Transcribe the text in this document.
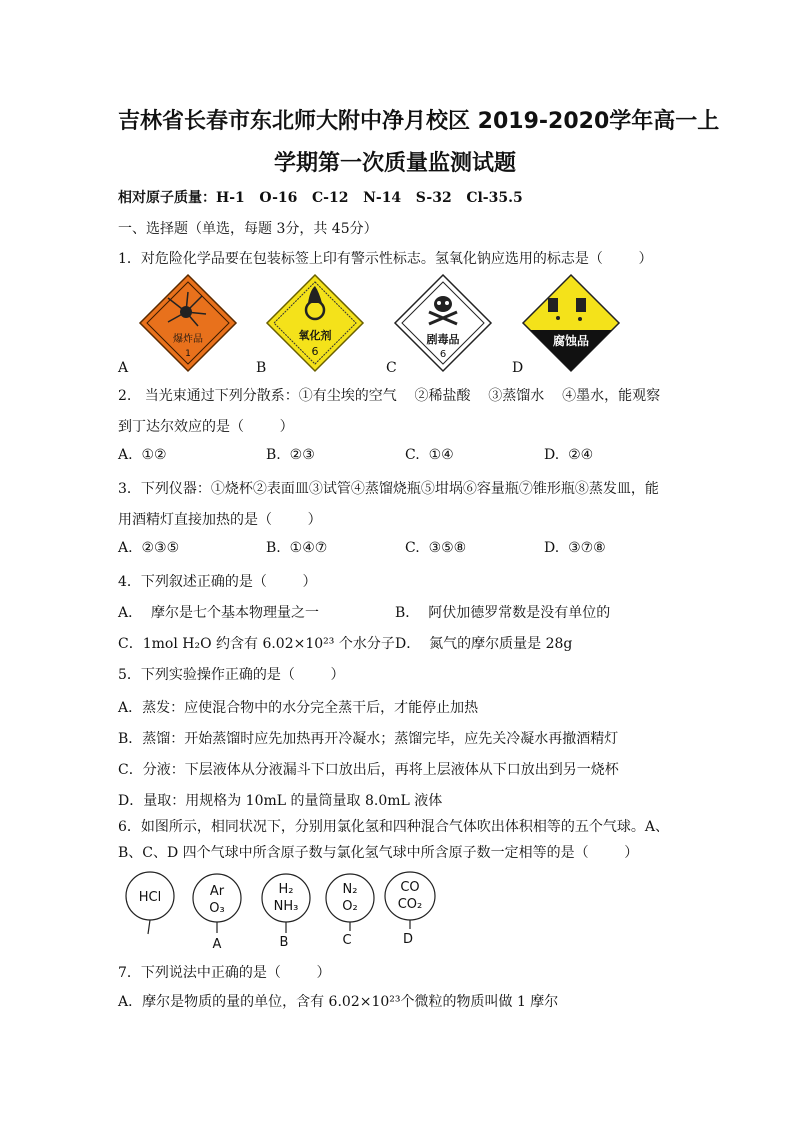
吉林省长春市东北师大附中净月校区 2019-2020学年高一上
学期第一次质量监测试题
相对原子质量：H-1   O-16   C-12   N-14   S-32   Cl-35.5
一、选择题（单选，每题 3分，共 45分）
1．对危险化学品要在包装标签上印有警示性标志。氢氧化钠应选用的标志是（        ）
爆炸品
1
氧化剂
6
剧毒品
6
腐蚀品
A	B	C	D
2.   当光束通过下列分散系：①有尘埃的空气    ②稀盐酸    ③蒸馏水    ④墨水，能观察
到丁达尔效应的是（        ）
A.  ①②	B.  ②③	C.  ①④	D.  ②④
3．下列仪器：①烧杯②表面皿③试管④蒸馏烧瓶⑤坩埚⑥容量瓶⑦锥形瓶⑧蒸发皿，能
用酒精灯直接加热的是（        ）
A.  ②③⑤	B.  ①④⑦	C.  ③⑤⑧	D.  ③⑦⑧
4．下列叙述正确的是（        ）
A．  摩尔是七个基本物理量之一	B．  阿伏加德罗常数是没有单位的
C．1mol H₂O 约含有 6.02×10²³ 个水分子 D．  氮气的摩尔质量是 28g
5．下列实验操作正确的是（        ）
A．蒸发：应使混合物中的水分完全蒸干后，才能停止加热
B．蒸馏：开始蒸馏时应先加热再开冷凝水；蒸馏完毕，应先关冷凝水再撤酒精灯
C．分液：下层液体从分液漏斗下口放出后，再将上层液体从下口放出到另一烧杯
D．量取：用规格为 10mL 的量筒量取 8.0mL 液体
6．如图所示，相同状况下，分别用氯化氢和四种混合气体吹出体积相等的五个气球。A、
B、C、D 四个气球中所含原子数与氯化氢气球中所含原子数一定相等的是（        ）
HCl	Ar
O₃
H₂
NH₃
N₂
O₂
CO
CO₂
A	B	C	D
7．下列说法中正确的是（        ）
A．摩尔是物质的量的单位，含有 6.02×10²³个微粒的物质叫做 1 摩尔
